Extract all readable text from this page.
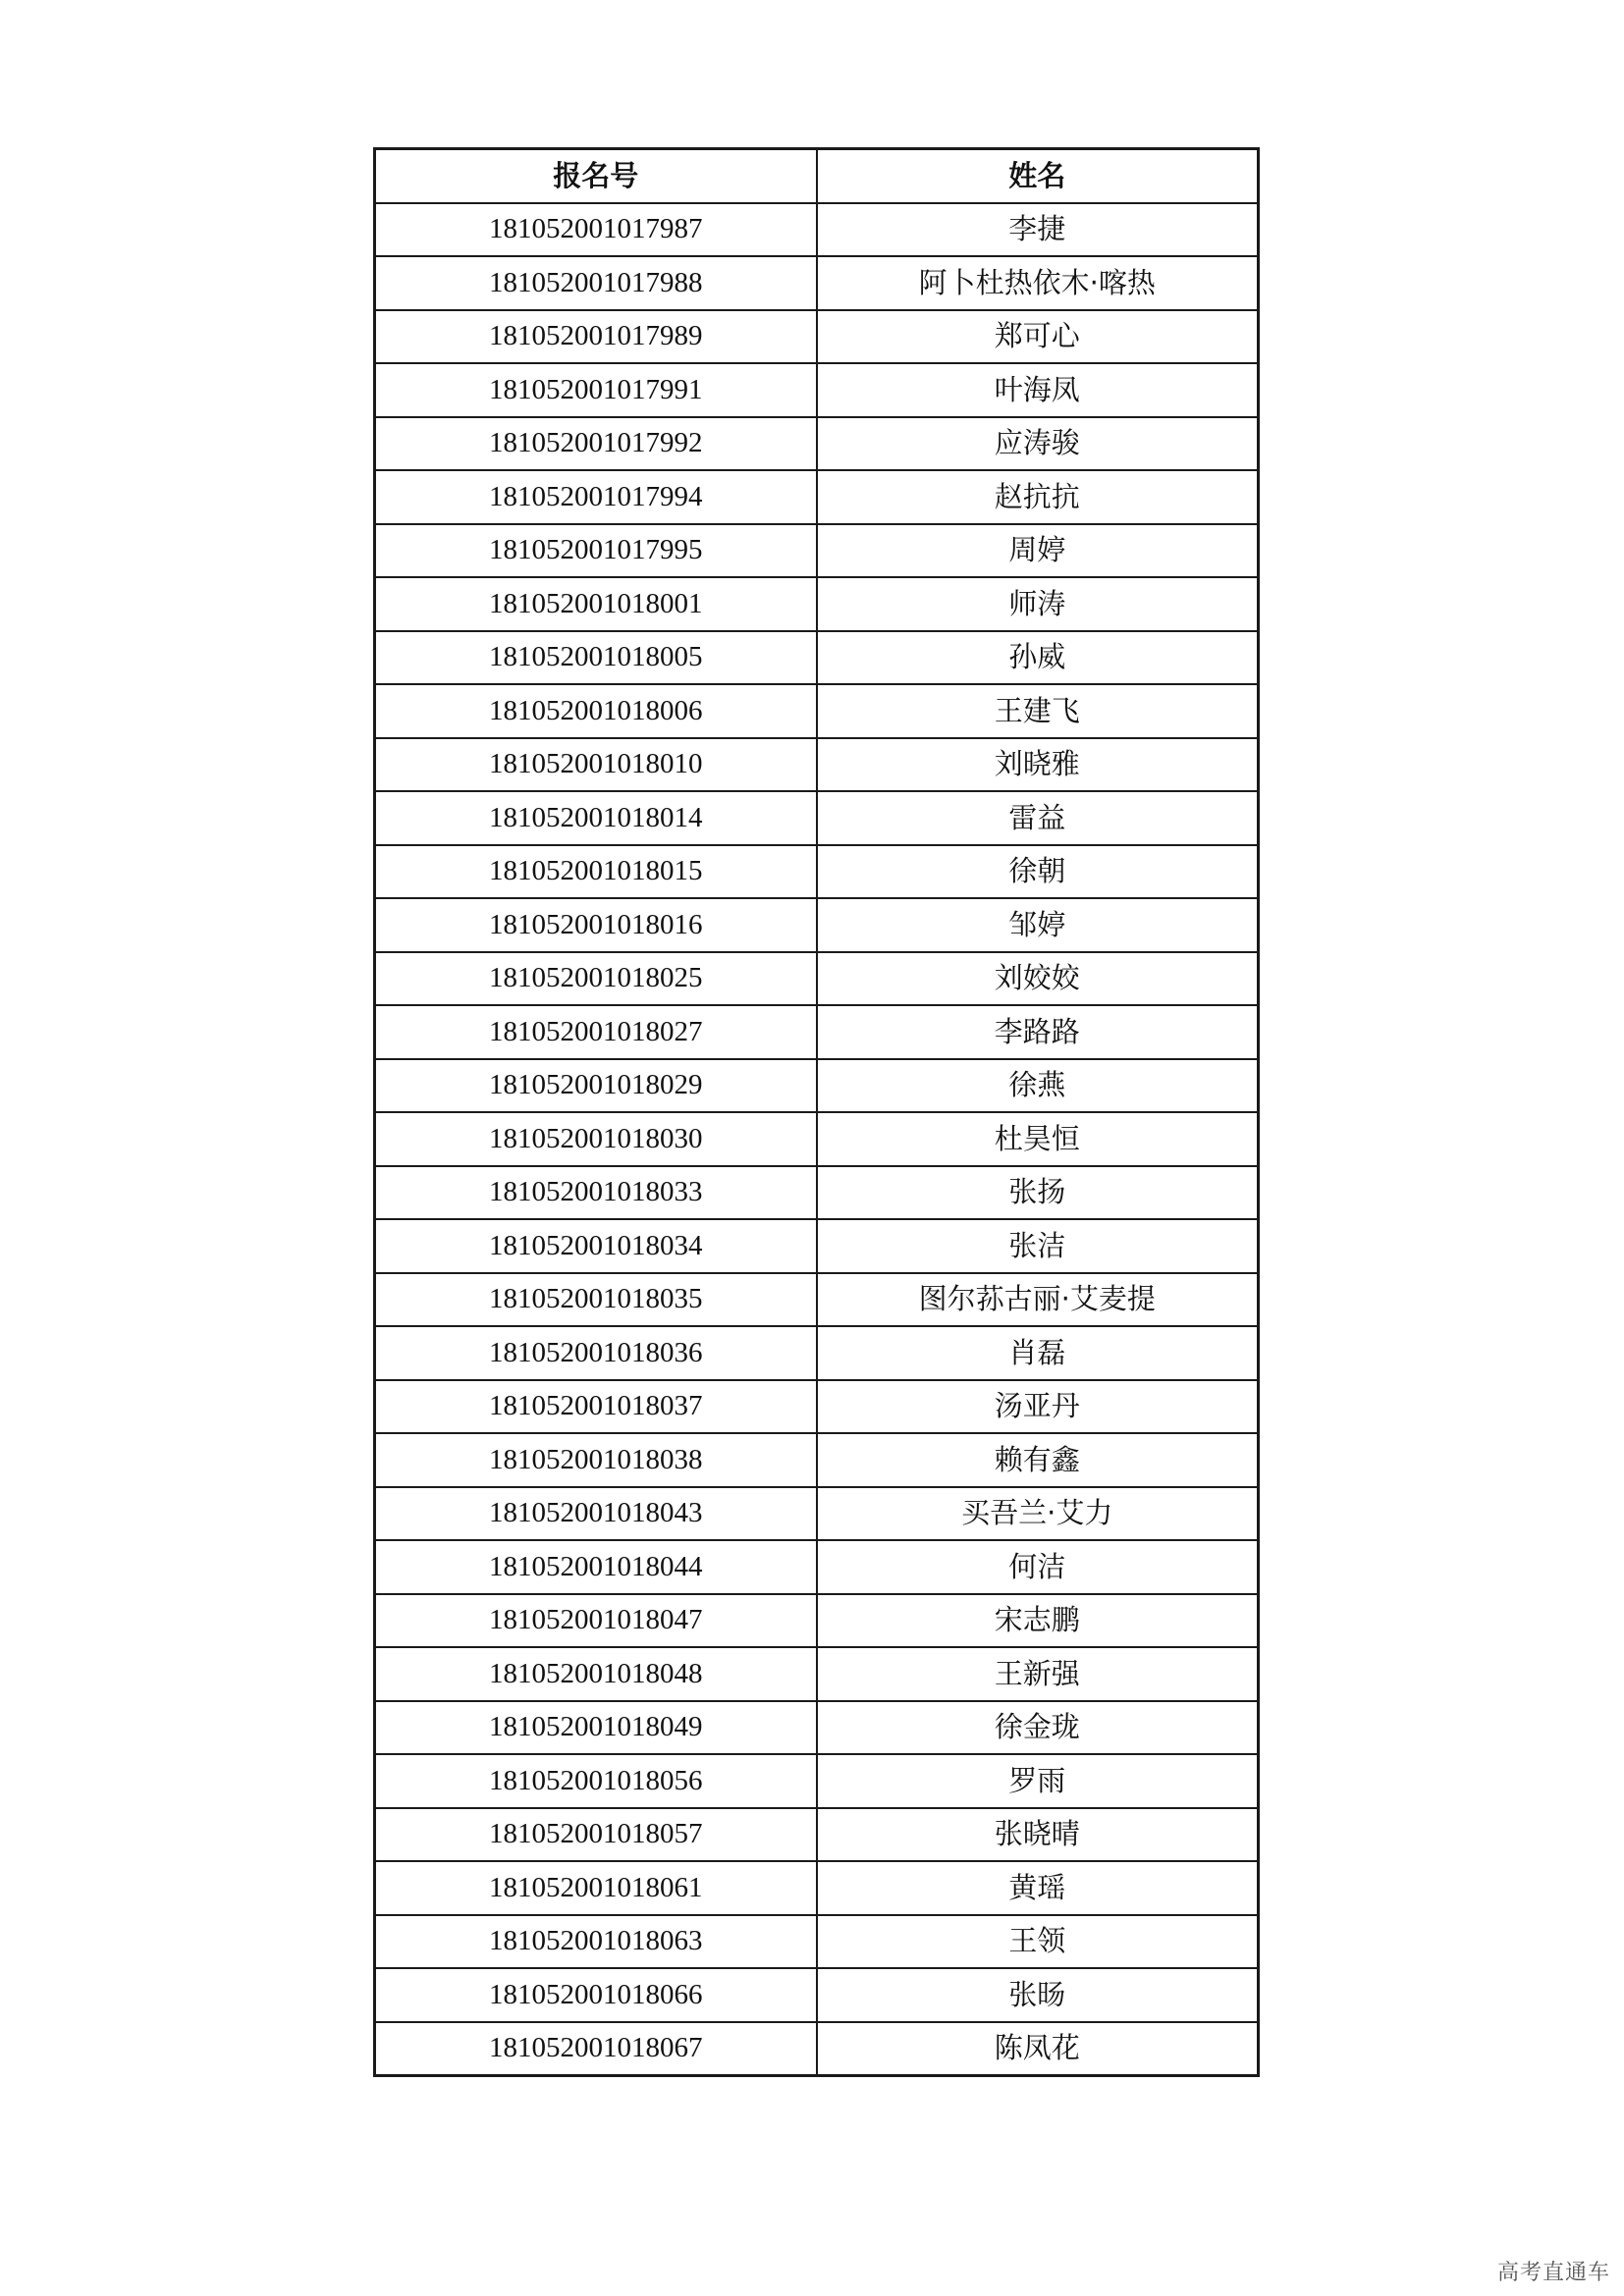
报名号	姓名
181052001017987	李捷
181052001017988	阿卜杜热依木·喀热
181052001017989	郑可心
181052001017991	叶海凤
181052001017992	应涛骏
181052001017994	赵抗抗
181052001017995	周婷
181052001018001	师涛
181052001018005	孙威
181052001018006	王建飞
181052001018010	刘晓雅
181052001018014	雷益
181052001018015	徐朝
181052001018016	邹婷
181052001018025	刘姣姣
181052001018027	李路路
181052001018029	徐燕
181052001018030	杜昊恒
181052001018033	张扬
181052001018034	张洁
181052001018035	图尔荪古丽·艾麦提
181052001018036	肖磊
181052001018037	汤亚丹
181052001018038	赖有鑫
181052001018043	买吾兰·艾力
181052001018044	何洁
181052001018047	宋志鹏
181052001018048	王新强
181052001018049	徐金珑
181052001018056	罗雨
181052001018057	张晓晴
181052001018061	黄瑶
181052001018063	王领
181052001018066	张旸
181052001018067	陈凤花
高考直通车
